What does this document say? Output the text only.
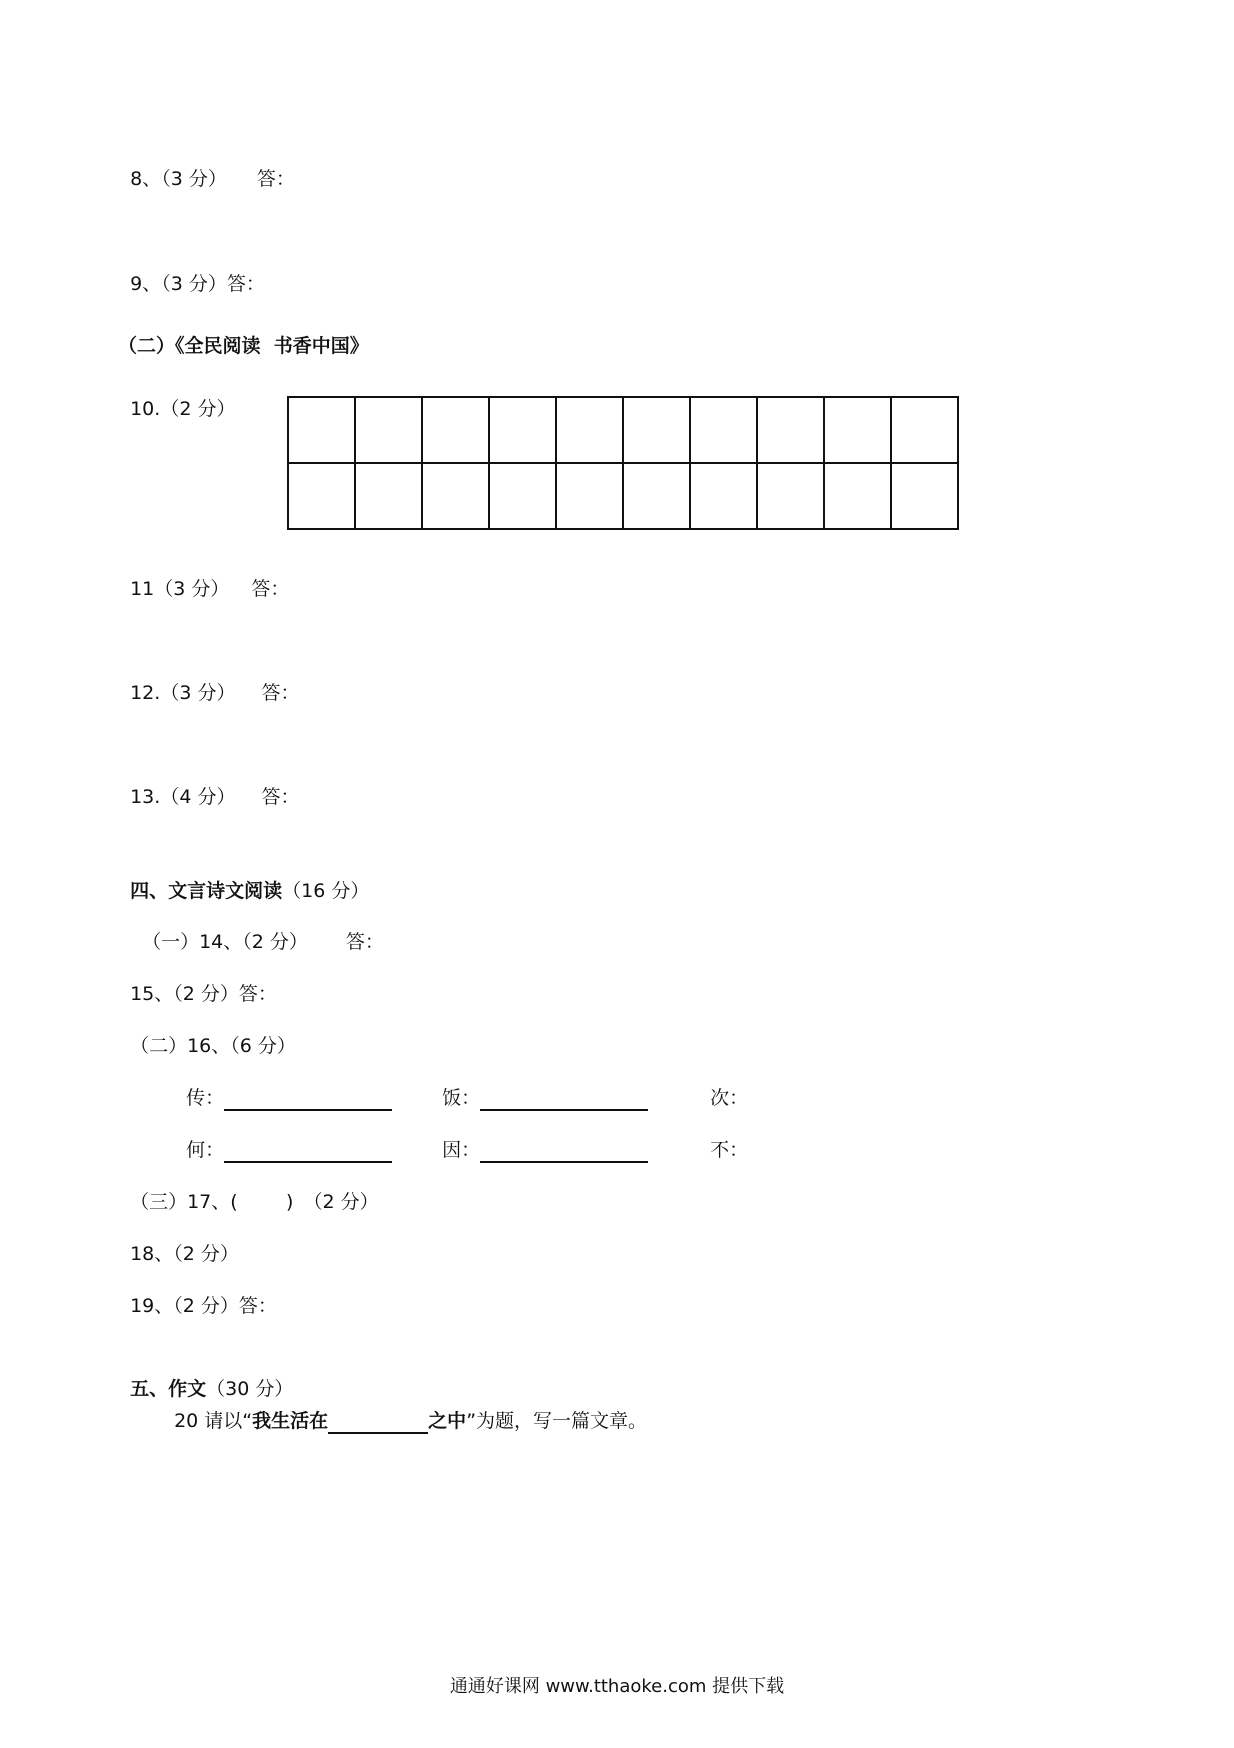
8、（3 分） 答：

9、（3 分）答：

（二）《全民阅读  书香中国》

10.（2 分）

11（3 分） 答：

12.（3 分） 答：

13.（4 分） 答：

四、文言诗文阅读（16 分）

（一）14、（2 分） 答：

15、（2 分）答：

（二）16、（6 分）

传：	饭：	次：

何：	因：	不：

（三）17、(        ) （2 分）

18、（2 分）

19、（2 分）答：

五、作文（30 分）

20 请以“我生活在	之中”为题，写一篇文章。

通通好课网 www.tthaoke.com 提供下载
